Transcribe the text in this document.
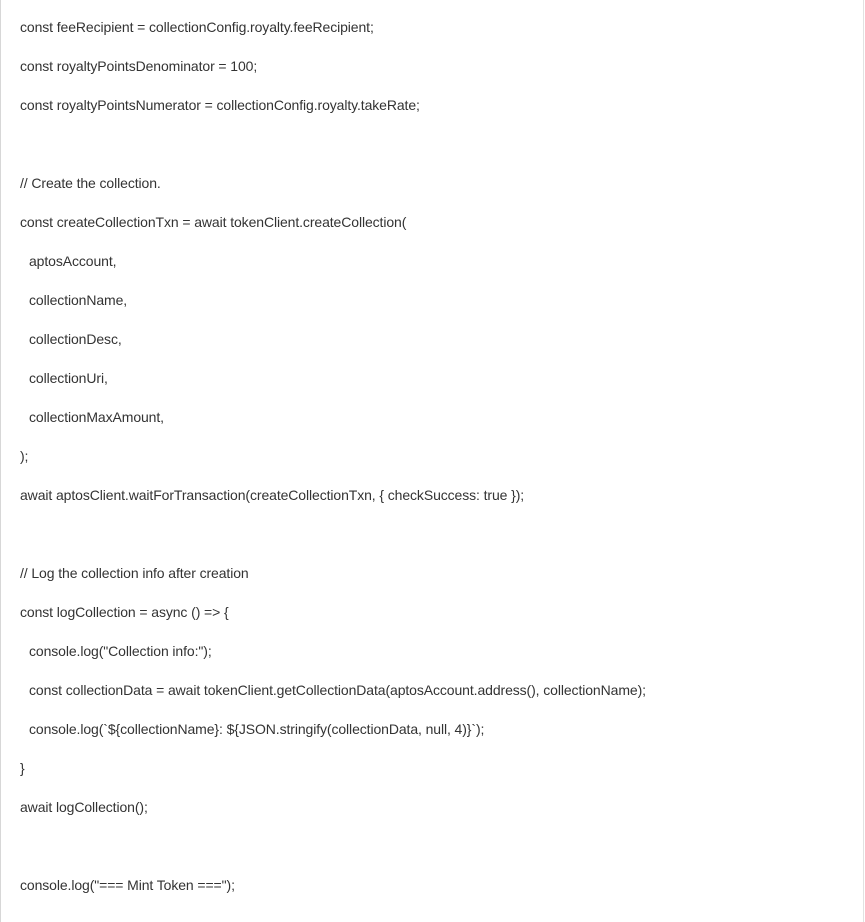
const feeRecipient = collectionConfig.royalty.feeRecipient;
const royaltyPointsDenominator = 100;
const royaltyPointsNumerator = collectionConfig.royalty.takeRate;
// Create the collection.
const createCollectionTxn = await tokenClient.createCollection(
aptosAccount,
collectionName,
collectionDesc,
collectionUri,
collectionMaxAmount,
);
await aptosClient.waitForTransaction(createCollectionTxn, { checkSuccess: true });
// Log the collection info after creation
const logCollection = async () => {
console.log("Collection info:");
const collectionData = await tokenClient.getCollectionData(aptosAccount.address(), collectionName);
console.log(`${collectionName}: ${JSON.stringify(collectionData, null, 4)}`);
}
await logCollection();
console.log("=== Mint Token ===");
